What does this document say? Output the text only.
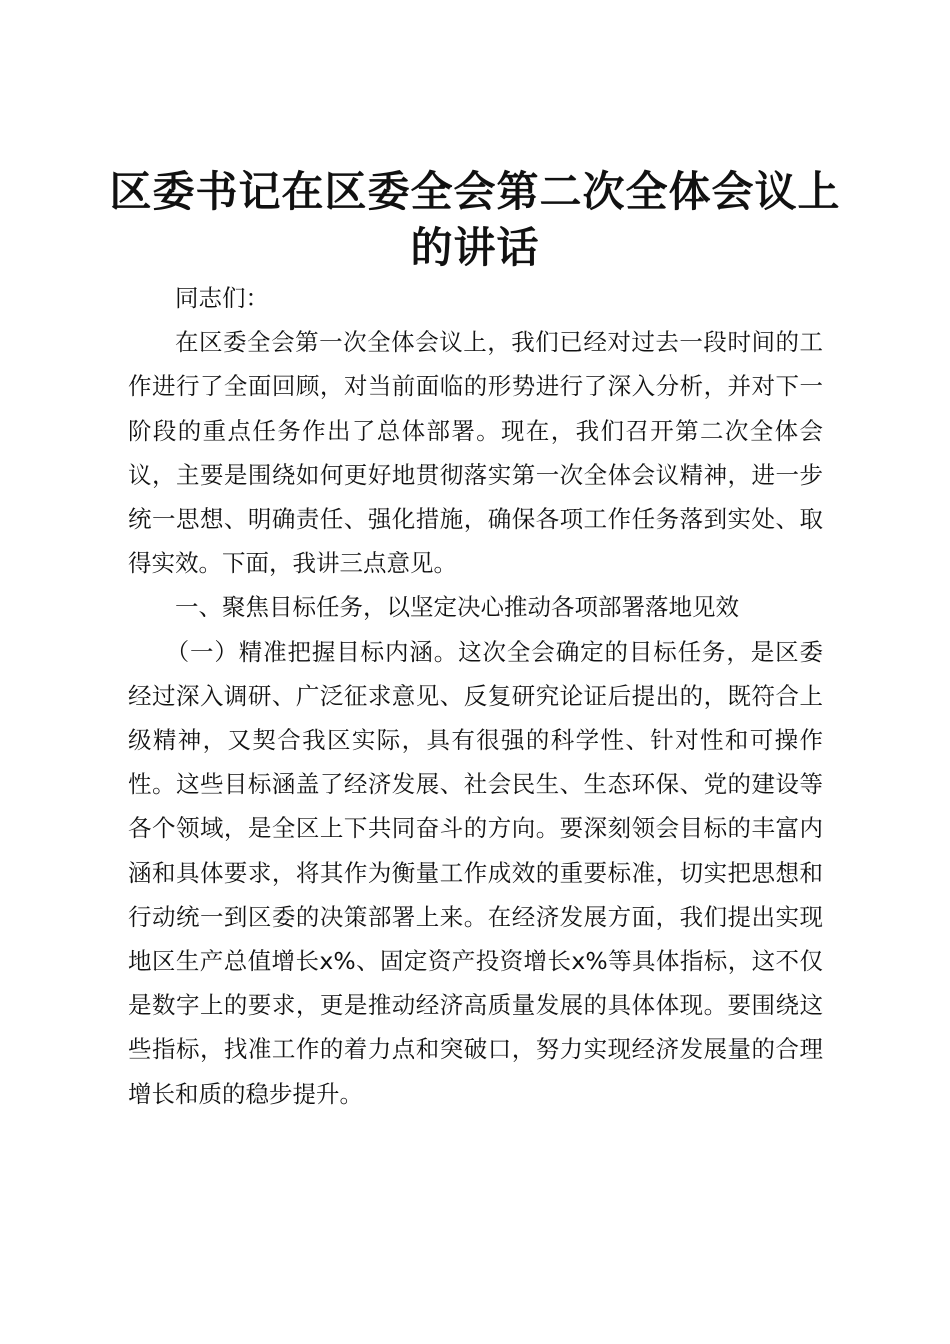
区委书记在区委全会第二次全体会议上的讲话

同志们：

在区委全会第一次全体会议上，我们已经对过去一段时间的工作进行了全面回顾，对当前面临的形势进行了深入分析，并对下一阶段的重点任务作出了总体部署。现在，我们召开第二次全体会议，主要是围绕如何更好地贯彻落实第一次全体会议精神，进一步统一思想、明确责任、强化措施，确保各项工作任务落到实处、取得实效。下面，我讲三点意见。

一、聚焦目标任务，以坚定决心推动各项部署落地见效

（一）精准把握目标内涵。这次全会确定的目标任务，是区委经过深入调研、广泛征求意见、反复研究论证后提出的，既符合上级精神，又契合我区实际，具有很强的科学性、针对性和可操作性。这些目标涵盖了经济发展、社会民生、生态环保、党的建设等各个领域，是全区上下共同奋斗的方向。要深刻领会目标的丰富内涵和具体要求，将其作为衡量工作成效的重要标准，切实把思想和行动统一到区委的决策部署上来。在经济发展方面，我们提出实现地区生产总值增长x%、固定资产投资增长x%等具体指标，这不仅是数字上的要求，更是推动经济高质量发展的具体体现。要围绕这些指标，找准工作的着力点和突破口，努力实现经济发展量的合理增长和质的稳步提升。
